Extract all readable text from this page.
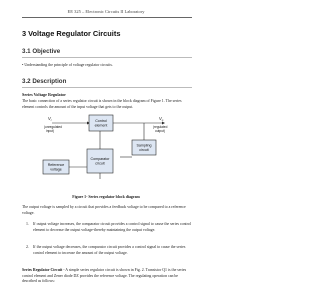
EE 325 – Electronic Circuits II Laboratory
3 Voltage Regulator Circuits
3.1 Objective
• Understanding the principle of voltage regulator circuits.
3.2 Description
Series Voltage Regulator
The basic connection of a series regulator circuit is shown in the block diagram of Figure 1. The series element controls the amount of the input voltage that gets to the output.
Control
element
Sampling
circuit
Comparator
circuit
Reference
voltage
$V_i$
(unregulated
input)
$V_o$
(regulated
output)
Figure 1- Series regulator block diagram
The output voltage is sampled by a circuit that provides a feedback voltage to be compared to a reference voltage.
1. If output voltage increases, the comparator circuit provides a control signal to cause the series control element to decrease the output voltage-thereby maintaining the output voltage.
2. If the output voltage decreases, the comparator circuit provides a control signal to cause the series control element to increase the amount of the output voltage.
Series Regulator Circuit - A simple series regulator circuit is shown in Fig. 2. Transistor Q1 is the series control element and Zener diode DZ provides the reference voltage. The regulating operation can be described as follows:
